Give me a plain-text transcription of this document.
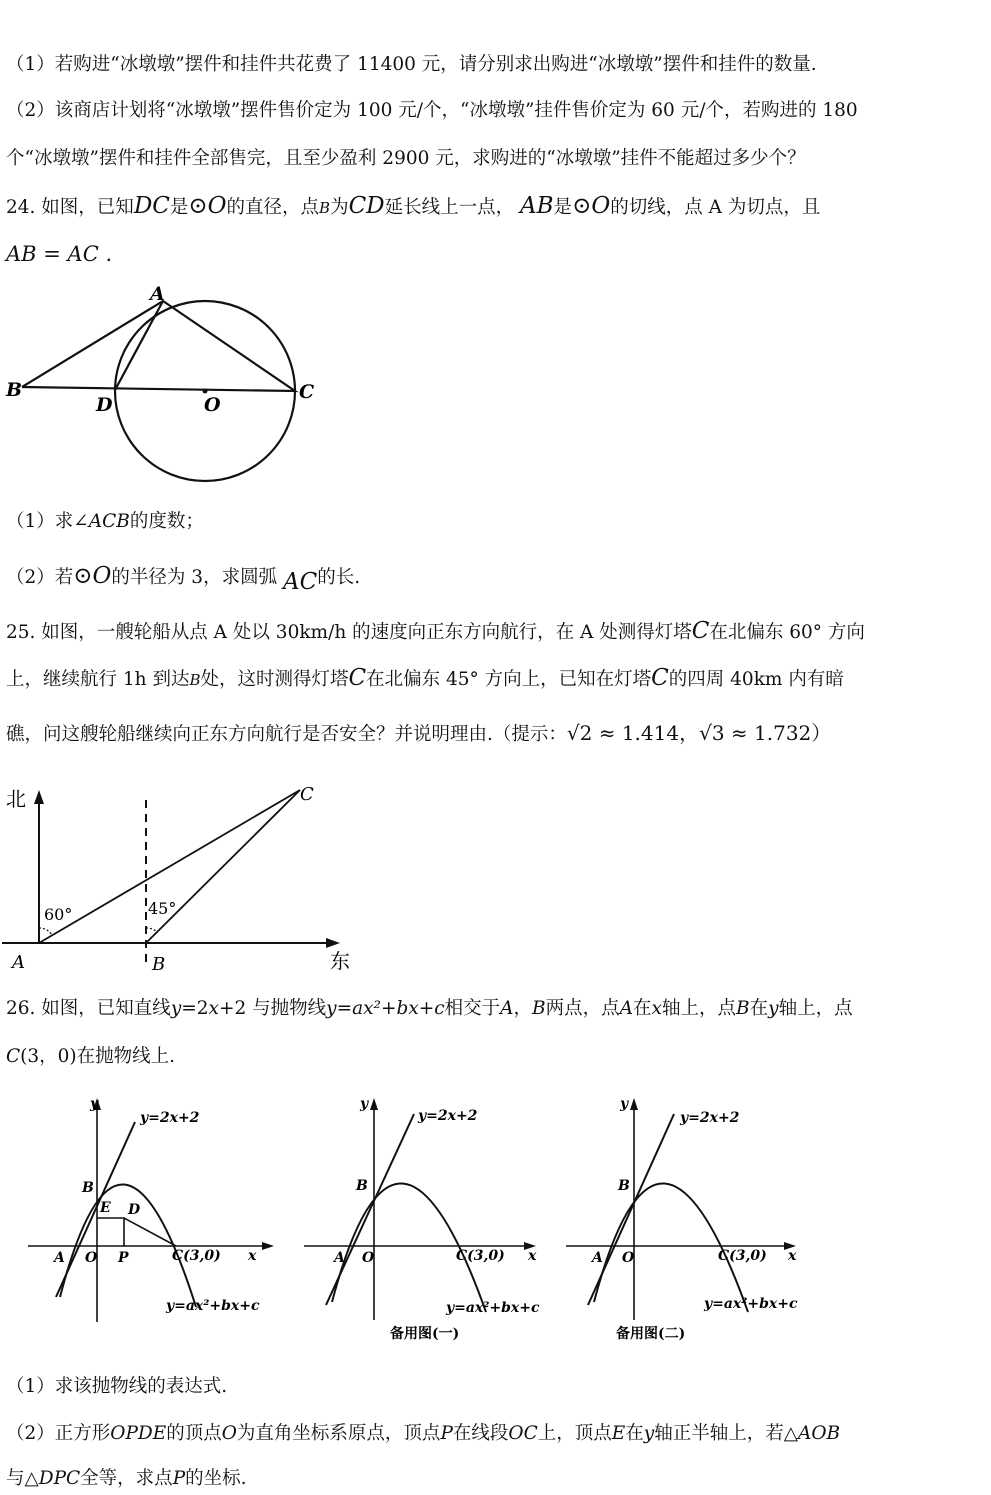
（1）若购进“冰墩墩”摆件和挂件共花费了 11400 元，请分别求出购进“冰墩墩”摆件和挂件的数量.
（2）该商店计划将“冰墩墩”摆件售价定为 100 元/个，“冰墩墩”挂件售价定为 60 元/个，若购进的 180
个“冰墩墩”摆件和挂件全部售完，且至少盈利 2900 元，求购进的“冰墩墩”挂件不能超过多少个？
24. 如图，已知DC是⊙O的直径，点B为CD延长线上一点， AB是⊙O的切线，点 A 为切点，且
AB = AC .
A
B
D	O
C
（1）求∠ACB的度数；
（2）若⊙O的半径为 3，求圆弧 AC的长.
25. 如图，一艘轮船从点 A 处以 30km/h 的速度向正东方向航行，在 A 处测得灯塔C在北偏东 60° 方向
上，继续航行 1h 到达B处，这时测得灯塔C在北偏东 45° 方向上，已知在灯塔C的四周 40km 内有暗
礁，问这艘轮船继续向正东方向航行是否安全？并说明理由.（提示：√2 ≈ 1.414，√3 ≈ 1.732）
北
东
A	B
C
60°	45°
26. 如图，已知直线y=2x+2 与抛物线y=ax²+bx+c相交于A，B两点，点A在x轴上，点B在y轴上，点
C(3，0)在抛物线上.
y
x
y=2x+2
y=ax²+bx+c
B
E D
P
A O	C(3,0)
y
x
y=2x+2
y=ax²+bx+c
B
A O	C(3,0)
备用图(一)
y
x
y=2x+2
y=ax²+bx+c
B
A O	C(3,0)
备用图(二)
（1）求该抛物线的表达式.
（2）正方形OPDE的顶点O为直角坐标系原点，顶点P在线段OC上，顶点E在y轴正半轴上，若△AOB
与△DPC全等，求点P的坐标.
